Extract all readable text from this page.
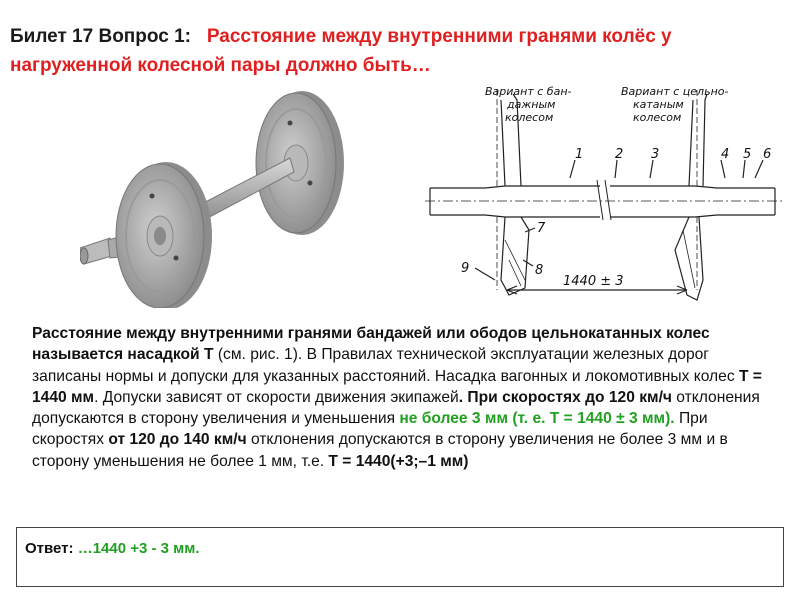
Билет 17 Вопрос 1: Расстояние между внутренними гранями колёс у нагруженной колесной пары должно быть…
Вариант с бан-
дажным
колесом
Вариант с цельно-
катаным
колесом
1 2 3	4 5 6
7
8
9
1440 ± 3
Расстояние между внутренними гранями бандажей или ободов цельнокатанных колес называется насадкой Т (см. рис. 1). В Правилах технической эксплуатации железных дорог записаны нормы и допуски для указанных расстояний. Насадка вагонных и локомотивных колес Т = 1440 мм. Допуски зависят от скорости движения экипажей. При скоростях до 120 км/ч отклонения допускаются в сторону увеличения и уменьшения не более 3 мм (т. е. Т = 1440 ± 3 мм). При скоростях от 120 до 140 км/ч отклонения допускаются в сторону увеличения не более 3 мм и в сторону уменьшения не более 1 мм, т.е. Т = 1440(+3;–1 мм)
Ответ: …1440 +3 - 3 мм.
